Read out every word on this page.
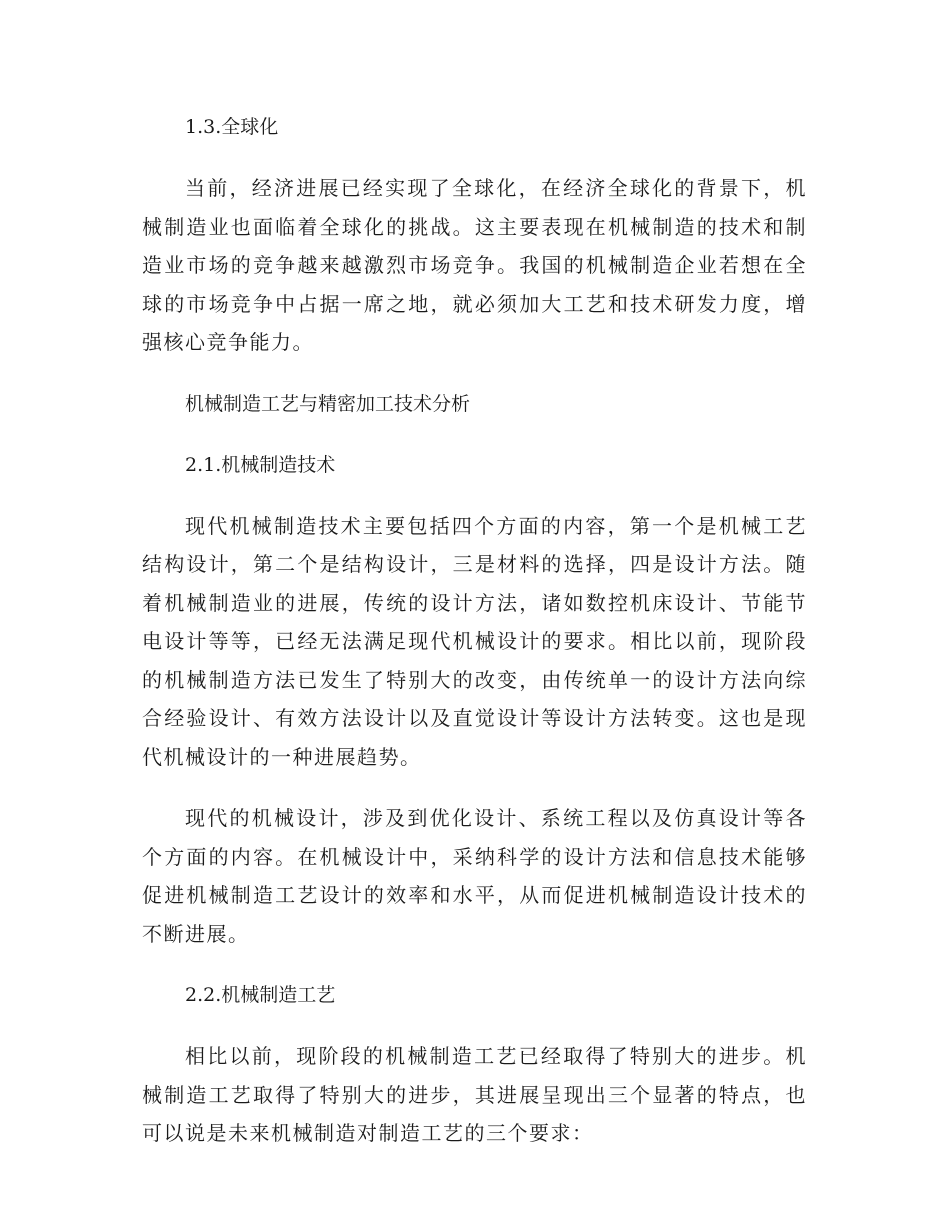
1.3.全球化

当前，经济进展已经实现了全球化，在经济全球化的背景下，机械制造业也面临着全球化的挑战。这主要表现在机械制造的技术和制造业市场的竞争越来越激烈市场竞争。我国的机械制造企业若想在全球的市场竞争中占据一席之地，就必须加大工艺和技术研发力度，增强核心竞争能力。

机械制造工艺与精密加工技术分析
2.1.机械制造技术

现代机械制造技术主要包括四个方面的内容，第一个是机械工艺结构设计，第二个是结构设计，三是材料的选择，四是设计方法。随着机械制造业的进展，传统的设计方法，诸如数控机床设计、节能节电设计等等，已经无法满足现代机械设计的要求。相比以前，现阶段的机械制造方法已发生了特别大的改变，由传统单一的设计方法向综合经验设计、有效方法设计以及直觉设计等设计方法转变。这也是现代机械设计的一种进展趋势。

现代的机械设计，涉及到优化设计、系统工程以及仿真设计等各个方面的内容。在机械设计中，采纳科学的设计方法和信息技术能够促进机械制造工艺设计的效率和水平，从而促进机械制造设计技术的不断进展。

2.2.机械制造工艺

相比以前，现阶段的机械制造工艺已经取得了特别大的进步。机械制造工艺取得了特别大的进步，其进展呈现出三个显著的特点，也可以说是未来机械制造对制造工艺的三个要求：
